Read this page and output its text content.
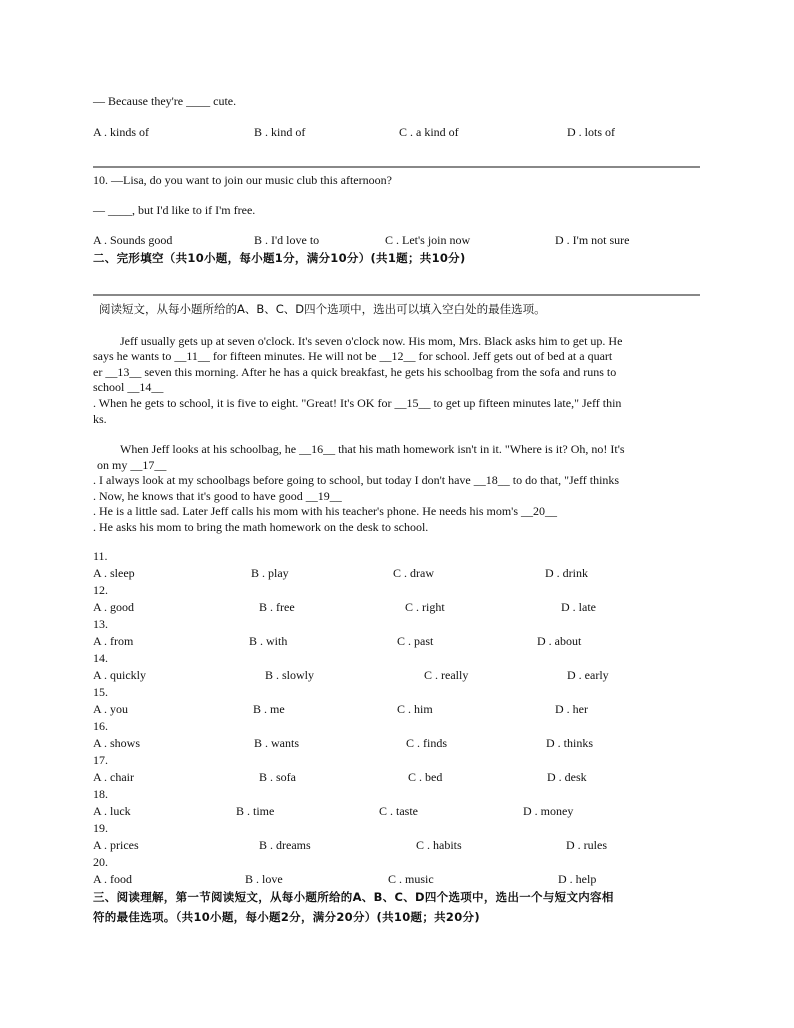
— Because they're ____ cute.
A . kinds of	B . kind of	C . a kind of	D . lots of
10. —Lisa, do you want to join our music club this afternoon?
— ____, but I'd like to if I'm free.
A . Sounds good	B . I'd love to	C . Let's join now	D . I'm not sure
二、完形填空（共10小题，每小题1分，满分10分）(共1题；共10分)
阅读短文，从每小题所给的A、B、C、D四个选项中，选出可以填入空白处的最佳选项。
Jeff usually gets up at seven o'clock. It's seven o'clock now. His mom, Mrs. Black asks him to get up. He
says he wants to __11__ for fifteen minutes. He will not be __12__ for school. Jeff gets out of bed at a quart
er __13__ seven this morning. After he has a quick breakfast, he gets his schoolbag from the sofa and runs to
school __14__
. When he gets to school, it is five to eight. "Great! It's OK for __15__ to get up fifteen minutes late," Jeff thin
ks.
When Jeff looks at his schoolbag, he __16__ that his math homework isn't in it. "Where is it? Oh, no! It's
on my __17__
. I always look at my schoolbags before going to school, but today I don't have __18__ to do that, "Jeff thinks
. Now, he knows that it's good to have good __19__
. He is a little sad. Later Jeff calls his mom with his teacher's phone. He needs his mom's __20__
. He asks his mom to bring the math homework on the desk to school.
11.
A . sleep	B . play	C . draw	D . drink
12.
A . good	B . free	C . right	D . late
13.
A . from	B . with	C . past	D . about
14.
A . quickly	B . slowly	C . really	D . early
15.
A . you	B . me	C . him	D . her
16.
A . shows	B . wants	C . finds	D . thinks
17.
A . chair	B . sofa	C . bed	D . desk
18.
A . luck	B . time	C . taste	D . money
19.
A . prices	B . dreams	C . habits	D . rules
20.
A . food	B . love	C . music	D . help
三、阅读理解，第一节阅读短文，从每小题所给的A、B、C、D四个选项中，选出一个与短文内容相
符的最佳选项。（共10小题，每小题2分，满分20分）(共10题；共20分)
